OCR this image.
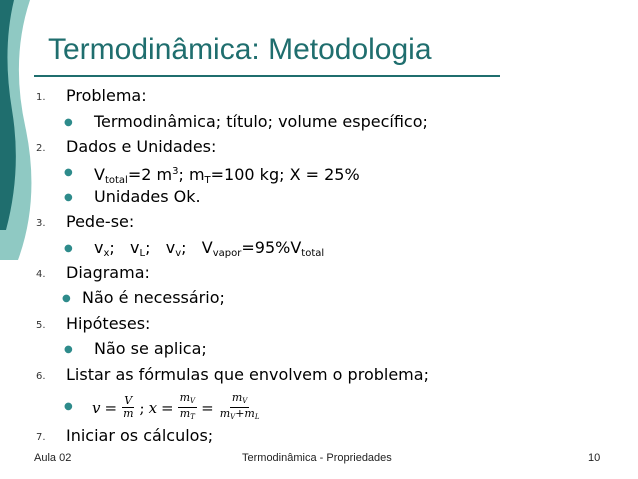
Termodinâmica: Metodologia
1. Problema:
● Termodinâmica; título; volume específico;
2. Dados e Unidades:
● $V_{total}=2$ $m^3$; $m_T=100$ kg; X = 25%
● Unidades Ok.
3. Pede-se:
● $v_x$; $v_L$; $v_v$; $V_{vapor}=95\%V_{total}$
4. Diagrama:
● Não é necessário;
5. Hipóteses:
● Não se aplica;
6. Listar as fórmulas que envolvem o problema;
● $v = \frac{V}{m}$ ; $x = \frac{m_V}{m_T} = \frac{m_V}{m_V+m_L}$
7. Iniciar os cálculos;
Aula 02	Termodinâmica - Propriedades	10
